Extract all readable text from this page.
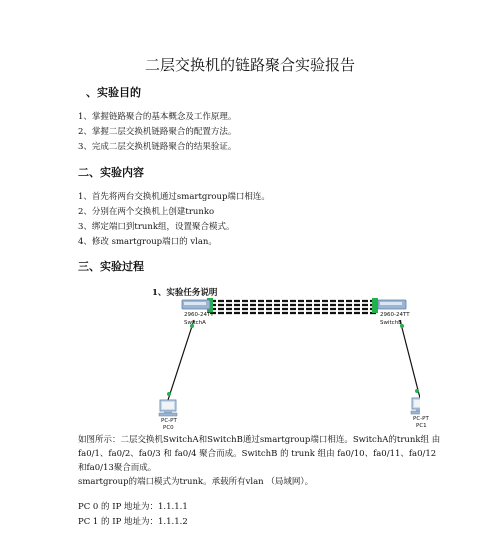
二层交换机的链路聚合实验报告
、实验目的
1、掌握链路聚合的基本概念及工作原理。
2、掌握二层交换机链路聚合的配置方法。
3、完成二层交换机链路聚合的结果验证。
二、实验内容
1、首先将两台交换机通过smartgroup端口相连。
2、分别在两个交换机上创建trunko
3、绑定端口到trunk组，设置聚合模式。
4、修改 smartgroup端口的 vlan。
三、实验过程
1、实验任务说明
2960-24TT
SwitchA
2960-24TT
SwitchB
PC-PT
PC0
PC-PT
PC1
如图所示：二层交换机SwitchA和SwitchB通过smartgroup端口相连。SwitchA的trunk组 由
fa0/1、fa0/2、fa0/3 和 fa0/4 聚合而成。SwitchB 的 trunk 组由 fa0/10、fa0/11、fa0/12
和fa0/13聚合而成。
smartgroup的端口模式为trunk。承载所有vlan （局域网）。
PC 0 的 IP 地址为：1.1.1.1
PC 1 的 IP 地址为：1.1.1.2
